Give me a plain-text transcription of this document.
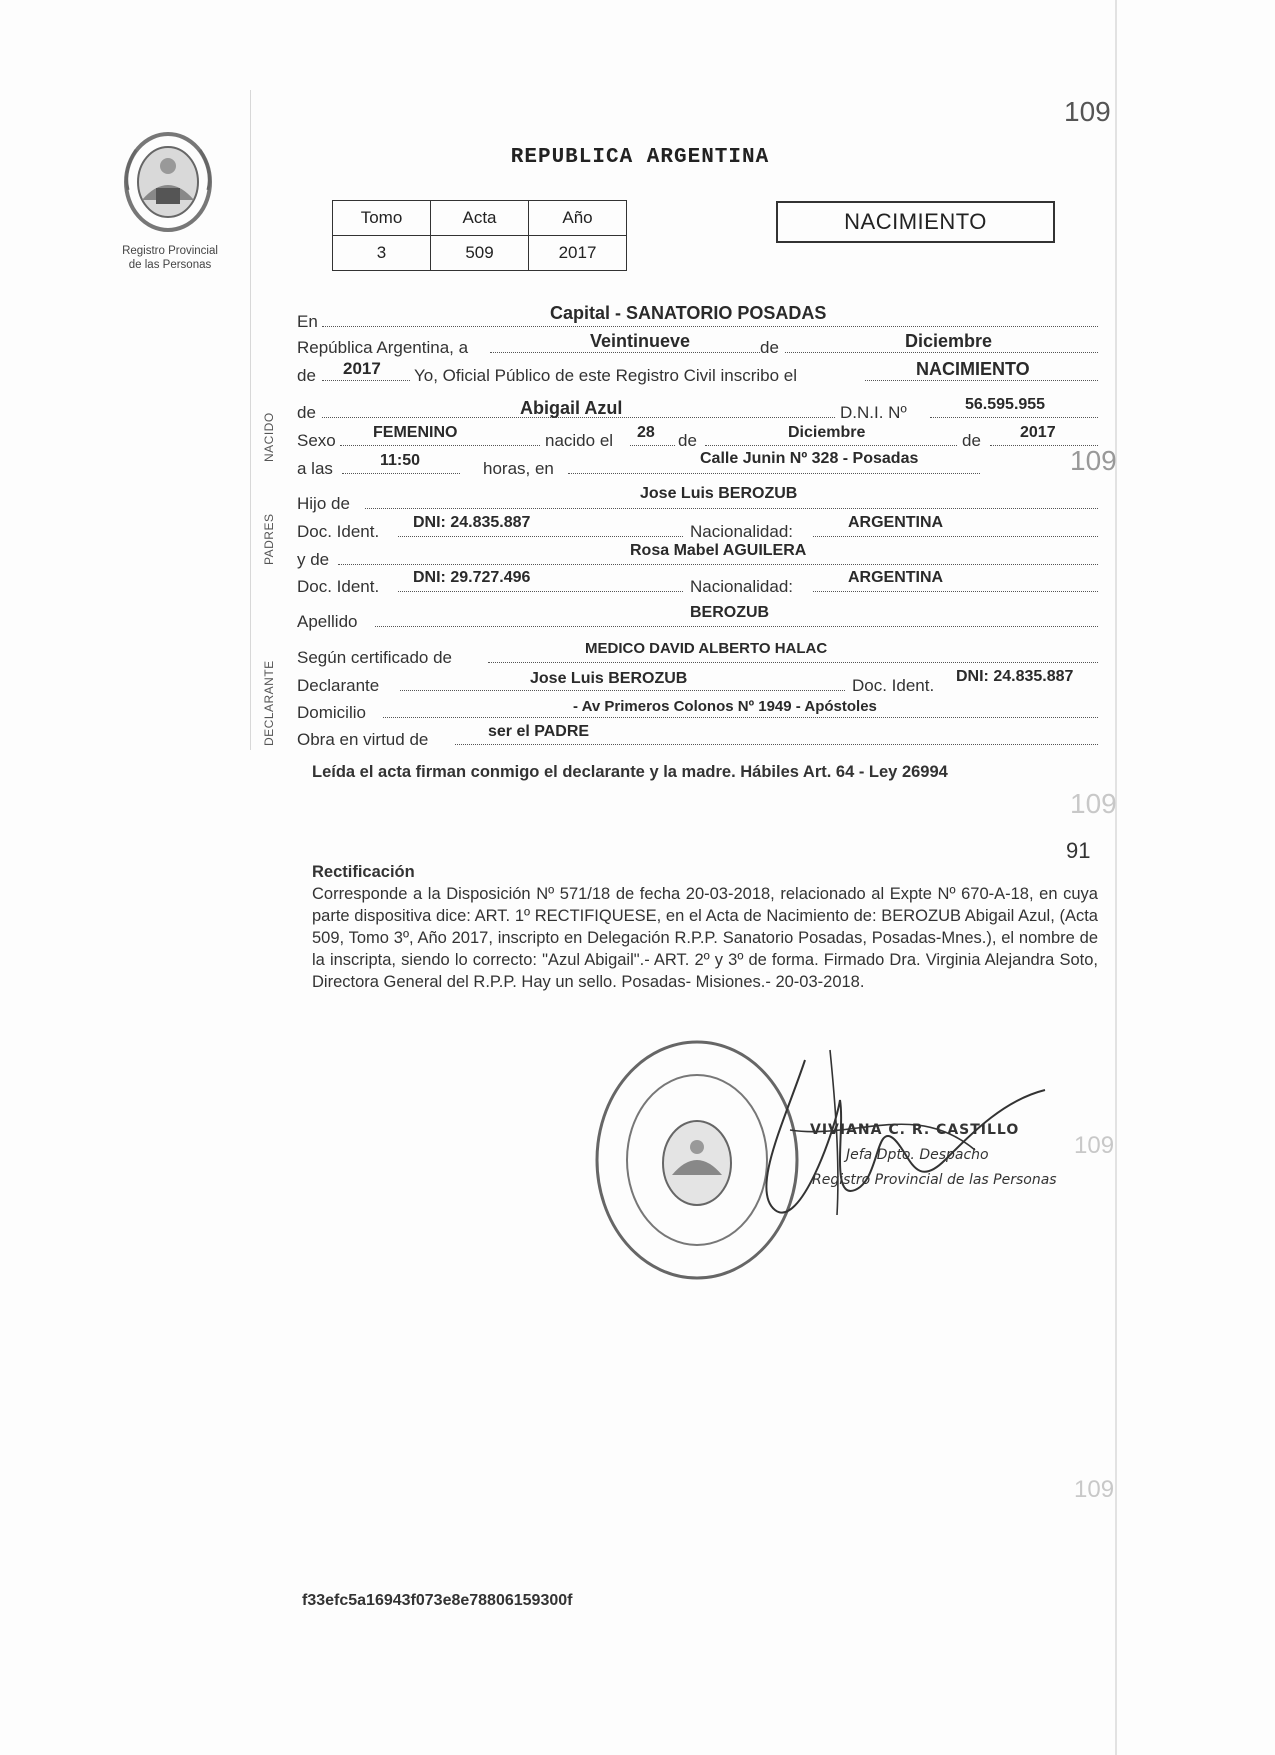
Registro Provincial
de las Personas
REPUBLICA ARGENTINA
Tomo	Acta	Año
3	509	2017
NACIMIENTO
109
109
109
109
109
91
NACIDO
PADRES
DECLARANTE
En	Capital - SANATORIO POSADAS
República Argentina, a	Veintinueve	de	Diciembre
de 2017 Yo, Oficial Público de este Registro Civil inscribo el	NACIMIENTO
de	Abigail Azul	D.N.I. Nº	56.595.955
Sexo FEMENINO	nacido el 28 de	Diciembre	de 2017
a las	11:50	horas, en
Calle Junin Nº 328 - Posadas
Hijo de
Jose Luis BEROZUB
Doc. Ident. DNI: 24.835.887	Nacionalidad:	ARGENTINA
y de	Rosa Mabel AGUILERA
Doc. Ident. DNI: 29.727.496	Nacionalidad:	ARGENTINA
Apellido	BEROZUB
Según certificado de	MEDICO DAVID ALBERTO HALAC
Declarante	Jose Luis BEROZUB	Doc. Ident. DNI: 24.835.887
Domicilio	- Av Primeros Colonos Nº 1949 - Apóstoles
Obra en virtud de	ser el PADRE
Leída el acta firman conmigo el declarante y la madre. Hábiles Art. 64 - Ley 26994
Rectificación
Corresponde a la Disposición Nº 571/18 de fecha 20-03-2018, relacionado al Expte Nº 670-A-18, en cuya parte dispositiva dice: ART. 1º RECTIFIQUESE, en el Acta de Nacimiento de: BEROZUB Abigail Azul, (Acta 509, Tomo 3º, Año 2017, inscripto en Delegación R.P.P. Sanatorio Posadas, Posadas-Mnes.), el nombre de la inscripta, siendo lo correcto: "Azul Abigail".- ART. 2º y 3º de forma. Firmado Dra. Virginia Alejandra Soto, Directora General del R.P.P. Hay un sello. Posadas- Misiones.- 20-03-2018.
VIVIANA C. R. CASTILLO
Jefa Dpto. Despacho
Registro Provincial de las Personas
f33efc5a16943f073e8e78806159300f
